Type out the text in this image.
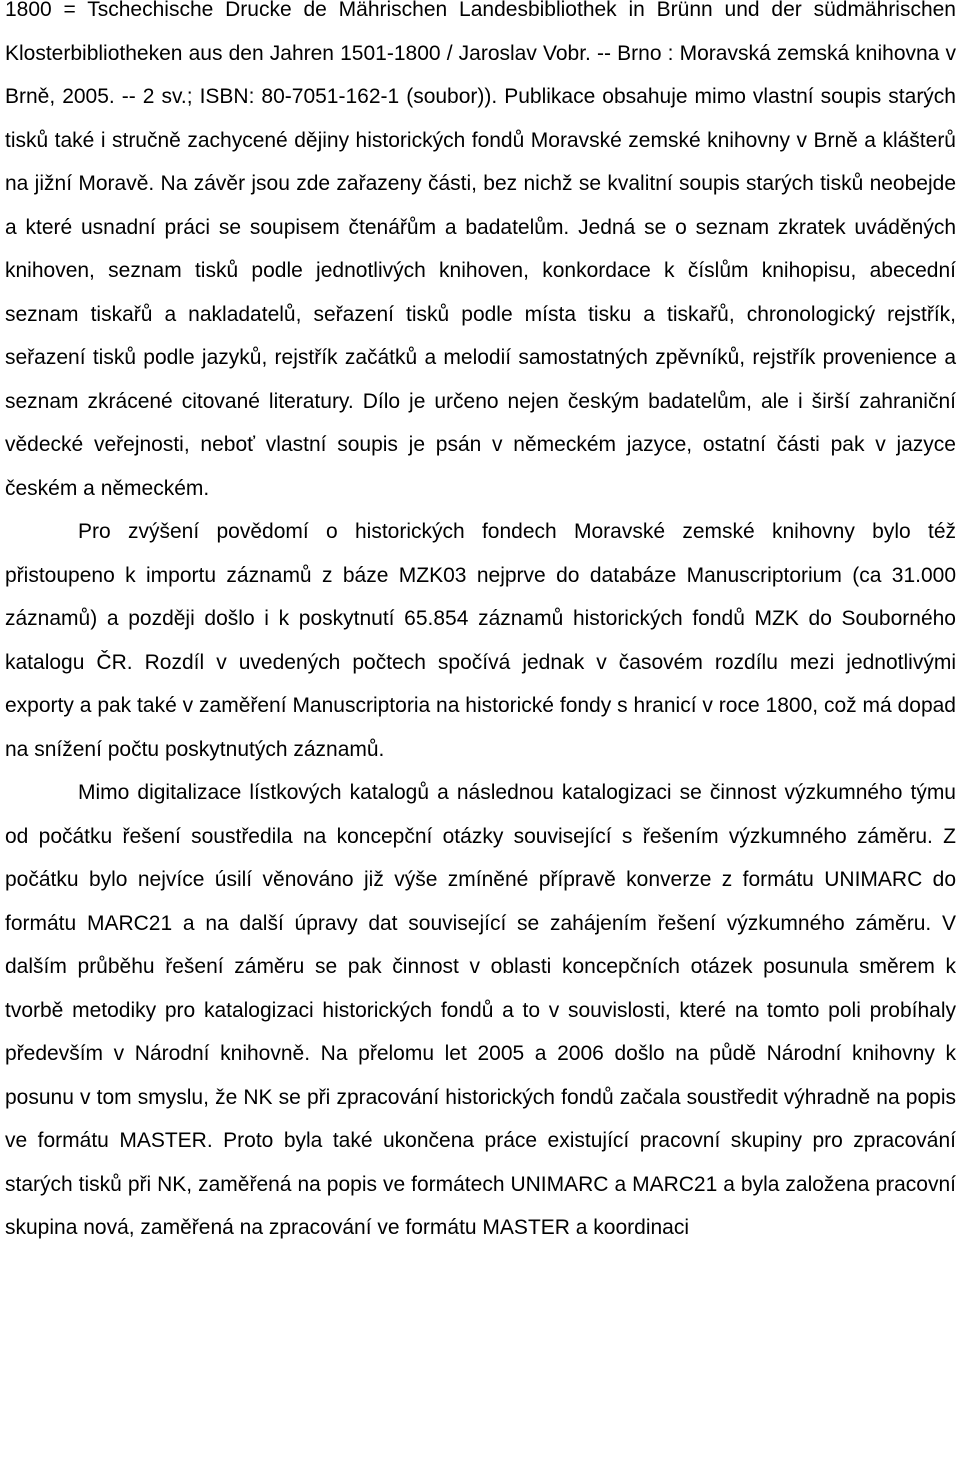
1800 = Tschechische Drucke de Mährischen Landesbibliothek in Brünn und der südmährischen Klosterbibliotheken aus den Jahren 1501-1800 / Jaroslav Vobr. -- Brno : Moravská zemská knihovna v Brně, 2005. -- 2 sv.; ISBN: 80-7051-162-1 (soubor)). Publikace obsahuje mimo vlastní soupis starých tisků také i stručně zachycené dějiny historických fondů Moravské zemské knihovny v Brně a klášterů na jižní Moravě. Na závěr jsou zde zařazeny části, bez nichž se kvalitní soupis starých tisků neobejde a které usnadní práci se soupisem čtenářům a badatelům. Jedná se o seznam zkratek uváděných knihoven, seznam tisků podle jednotlivých knihoven, konkordace k číslům knihopisu, abecední seznam tiskařů a nakladatelů, seřazení tisků podle místa tisku a tiskařů, chronologický rejstřík, seřazení tisků podle jazyků, rejstřík začátků a melodií samostatných zpěvníků, rejstřík provenience a seznam zkrácené citované literatury. Dílo je určeno nejen českým badatelům, ale i širší zahraniční vědecké veřejnosti, neboť vlastní soupis je psán v německém jazyce, ostatní části pak v jazyce českém a německém.

Pro zvýšení povědomí o historických fondech Moravské zemské knihovny bylo též přistoupeno k importu záznamů z báze MZK03 nejprve do databáze Manuscriptorium (ca 31.000 záznamů) a později došlo i k poskytnutí 65.854 záznamů historických fondů MZK do Souborného katalogu ČR. Rozdíl v uvedených počtech spočívá jednak v časovém rozdílu mezi jednotlivými exporty a pak také v zaměření Manuscriptoria na historické fondy s hranicí v roce 1800, což má dopad na snížení počtu poskytnutých záznamů.

Mimo digitalizace lístkových katalogů a následnou katalogizaci se činnost výzkumného týmu od počátku řešení soustředila na koncepční otázky související s řešením výzkumného záměru. Z počátku bylo nejvíce úsilí věnováno již výše zmíněné přípravě konverze z formátu UNIMARC do formátu MARC21 a na další úpravy dat související se zahájením řešení výzkumného záměru. V dalším průběhu řešení záměru se pak činnost v oblasti koncepčních otázek posunula směrem k tvorbě metodiky pro katalogizaci historických fondů a to v souvislosti, které na tomto poli probíhaly především v Národní knihovně. Na přelomu let 2005 a 2006 došlo na půdě Národní knihovny k posunu v tom smyslu, že NK se při zpracování historických fondů začala soustředit výhradně na popis ve formátu MASTER. Proto byla také ukončena práce existující pracovní skupiny pro zpracování starých tisků při NK, zaměřená na popis ve formátech UNIMARC a MARC21 a byla založena pracovní skupina nová, zaměřená na zpracování ve formátu MASTER a koordinaci
